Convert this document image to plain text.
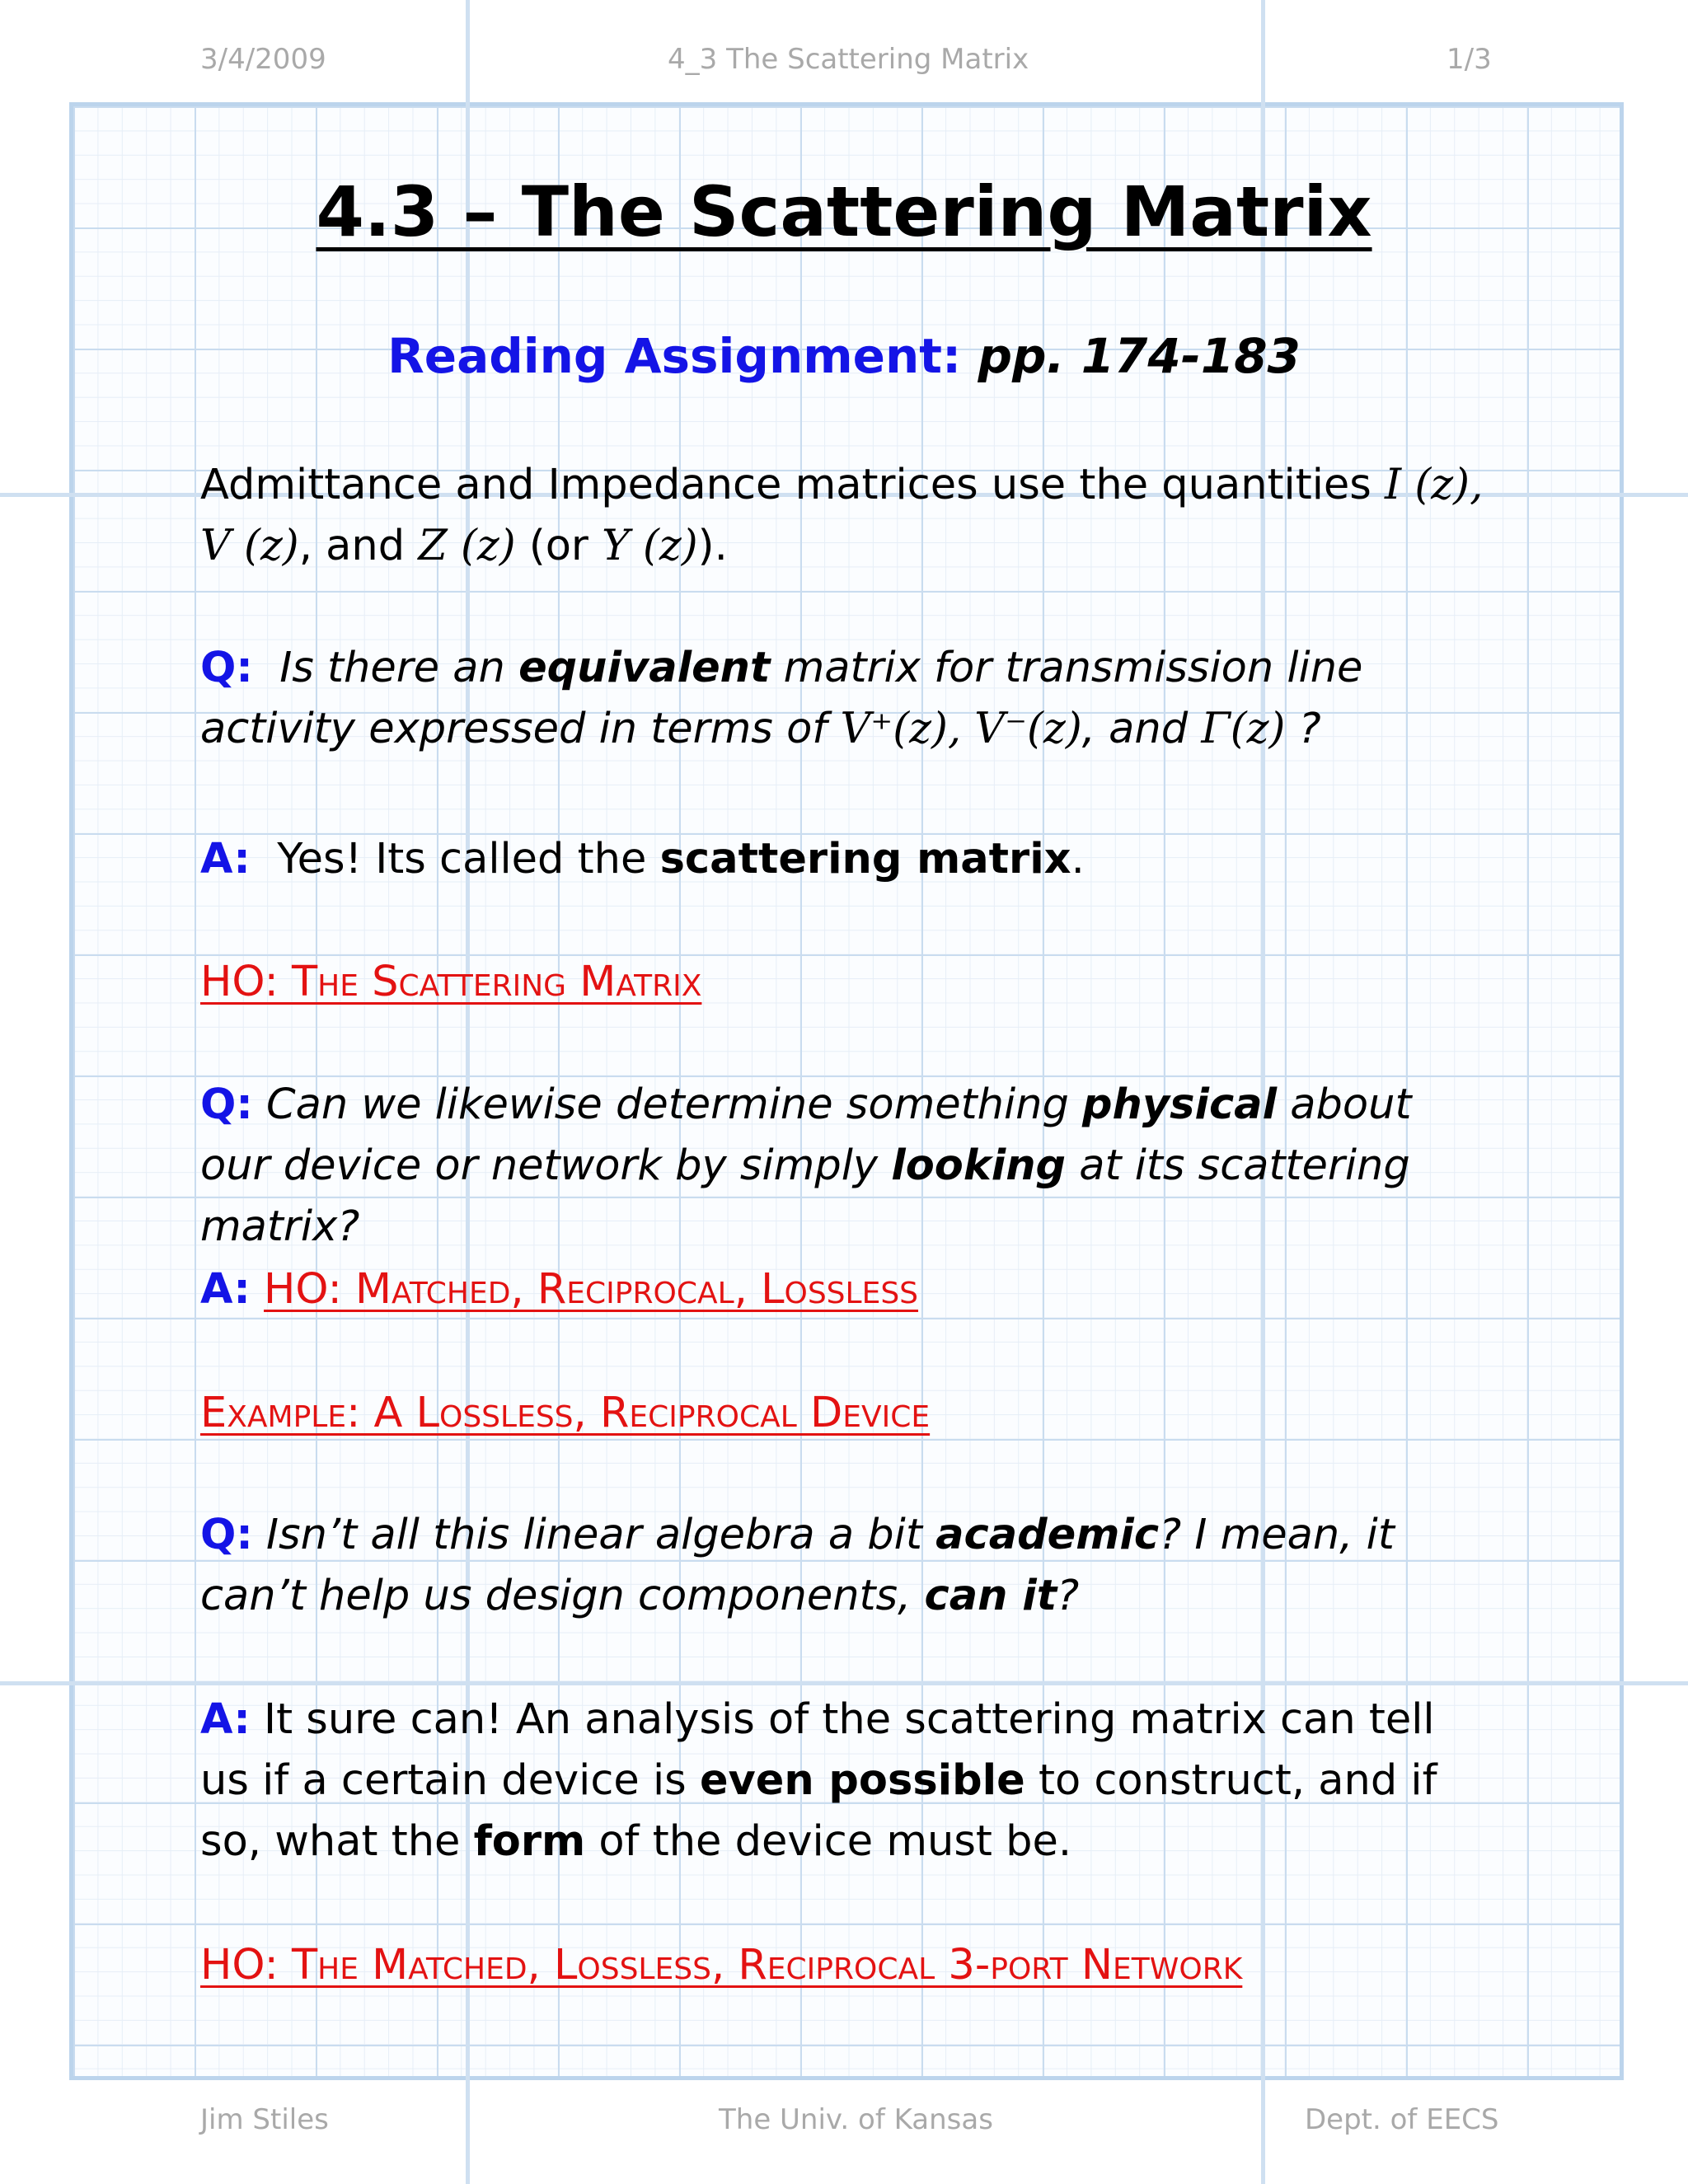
3/4/2009	4_3 The Scattering Matrix	1/3
4.3 – The Scattering Matrix
Reading Assignment: pp. 174-183
Admittance and Impedance matrices use the quantities I (z),
V (z), and Z (z) (or Y (z)).
Q: Is there an equivalent matrix for transmission line activity expressed in terms of V⁺(z), V⁻(z), and Γ(z) ?
A: Yes! Its called the scattering matrix.
HO: The Scattering Matrix
Q: Can we likewise determine something physical about our device or network by simply looking at its scattering matrix?
A: HO: Matched, Reciprocal, Lossless
Example: A Lossless, Reciprocal Device
Q: Isn’t all this linear algebra a bit academic? I mean, it can’t help us design components, can it?
A: It sure can! An analysis of the scattering matrix can tell us if a certain device is even possible to construct, and if so, what the form of the device must be.
HO: The Matched, Lossless, Reciprocal 3-port Network
Jim Stiles	The Univ. of Kansas	Dept. of EECS
